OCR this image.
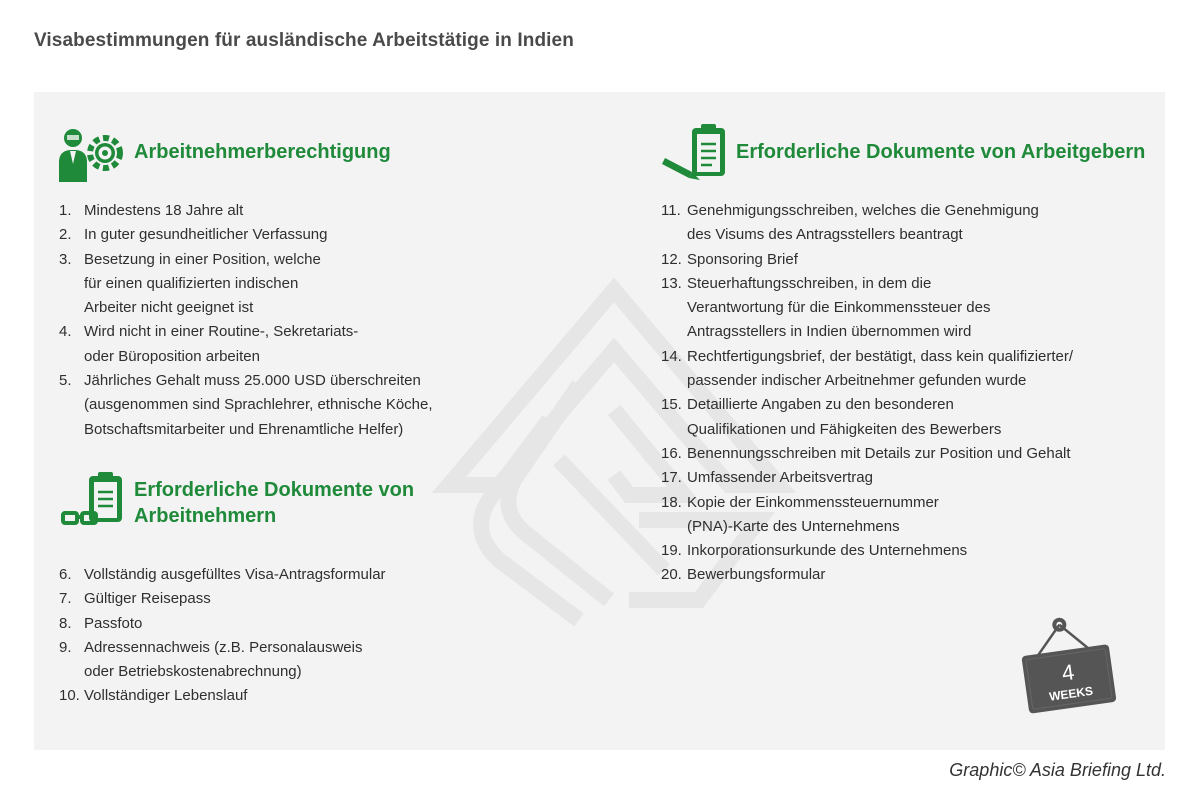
Visabestimmungen für ausländische Arbeitstätige in Indien
Arbeitnehmerberechtigung
1. Mindestens 18 Jahre alt
2. In guter gesundheitlicher Verfassung
3. Besetzung in einer Position, welche
für einen qualifizierten indischen
Arbeiter nicht geeignet ist
4. Wird nicht in einer Routine-, Sekretariats-
oder Büroposition arbeiten
5. Jährliches Gehalt muss 25.000 USD überschreiten
(ausgenommen sind Sprachlehrer, ethnische Köche,
Botschaftsmitarbeiter und Ehrenamtliche Helfer)
Erforderliche Dokumente von
Arbeitnehmern
6. Vollständig ausgefülltes Visa-Antragsformular
7. Gültiger Reisepass
8. Passfoto
9. Adressennachweis (z.B. Personalausweis
oder Betriebskostenabrechnung)
10. Vollständiger Lebenslauf
Erforderliche Dokumente von Arbeitgebern
11. Genehmigungsschreiben, welches die Genehmigung
des Visums des Antragsstellers beantragt
12. Sponsoring Brief
13. Steuerhaftungsschreiben, in dem die
Verantwortung für die Einkommenssteuer des
Antragsstellers in Indien übernommen wird
14. Rechtfertigungsbrief, der bestätigt, dass kein qualifizierter/
passender indischer Arbeitnehmer gefunden wurde
15. Detaillierte Angaben zu den besonderen
Qualifikationen und Fähigkeiten des Bewerbers
16. Benennungsschreiben mit Details zur Position und Gehalt
17. Umfassender Arbeitsvertrag
18. Kopie der Einkommenssteuernummer
(PNA)-Karte des Unternehmens
19. Inkorporationsurkunde des Unternehmens
20. Bewerbungsformular
4
WEEKS
Graphic© Asia Briefing Ltd.
